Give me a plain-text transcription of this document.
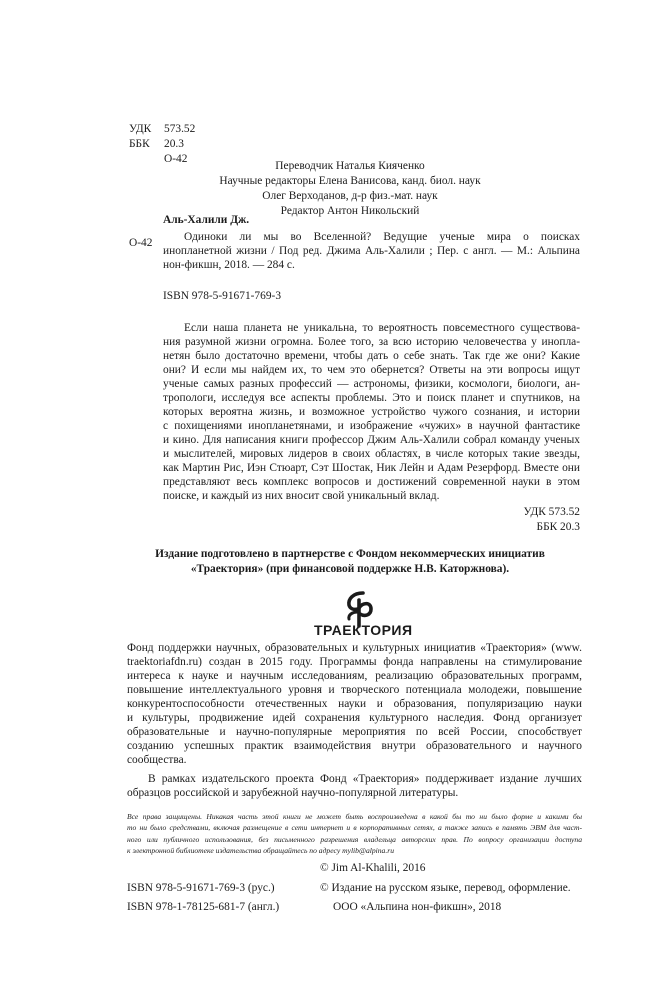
УДК 573.52
ББК 20.3
О-42
Переводчик Наталья Кияченко
Научные редакторы Елена Ванисова, канд. биол. наук
Олег Верходанов, д-р физ.-мат. наук
Редактор Антон Никольский
Аль-Халили Дж.
О-42	Одиноки ли мы во Вселенной? Ведущие ученые мира о поисках
инопланетной жизни / Под ред. Джима Аль-Халили ; Пер. с англ. — М.: Альпина
нон-фикшн, 2018. — 284 с.
ISBN 978-5-91671-769-3
Если наша планета не уникальна, то вероятность повсеместного существова-
ния разумной жизни огромна. Более того, за всю историю человечества у инопла-
нетян было достаточно времени, чтобы дать о себе знать. Так где же они? Какие
они? И если мы найдем их, то чем это обернется? Ответы на эти вопросы ищут
ученые самых разных профессий — астрономы, физики, космологи, биологи, ан-
тропологи, исследуя все аспекты проблемы. Это и поиск планет и спутников, на
которых вероятна жизнь, и возможное устройство чужого сознания, и истории
с похищениями инопланетянами, и изображение «чужих» в научной фантастике
и кино. Для написания книги профессор Джим Аль-Халили собрал команду ученых
и мыслителей, мировых лидеров в своих областях, в числе которых такие звезды,
как Мартин Рис, Иэн Стюарт, Сэт Шостак, Ник Лейн и Адам Резерфорд. Вместе они
представляют весь комплекс вопросов и достижений современной науки в этом
поиске, и каждый из них вносит свой уникальный вклад.
УДК 573.52
ББК 20.3
Издание подготовлено в партнерстве с Фондом некоммерческих инициатив
«Траектория» (при финансовой поддержке Н.В. Каторжнова).
ТРАЕКТОРИЯ
Фонд поддержки научных, образовательных и культурных инициатив «Траектория» (www.
traektoriafdn.ru) создан в 2015 году. Программы фонда направлены на стимулирование
интереса к науке и научным исследованиям, реализацию образовательных программ,
повышение интеллектуального уровня и творческого потенциала молодежи, повышение
конкурентоспособности отечественных науки и образования, популяризацию науки
и культуры, продвижение идей сохранения культурного наследия. Фонд организует
образовательные и научно-популярные мероприятия по всей России, способствует
созданию успешных практик взаимодействия внутри образовательного и научного
сообщества.
В рамках издательского проекта Фонд «Траектория» поддерживает издание лучших
образцов российской и зарубежной научно-популярной литературы.
Все права защищены. Никакая часть этой книги не может быть воспроизведена в какой бы то ни было форме и какими бы
то ни было средствами, включая размещение в сети интернет и в корпоративных сетях, а также запись в память ЭВМ для част-
ного или публичного использования, без письменного разрешения владельца авторских прав. По вопросу организации доступа
к электронной библиотеке издательства обращайтесь по адресу mylib@alpina.ru
© Jim Al-Khalili, 2016
ISBN 978-5-91671-769-3 (рус.)	© Издание на русском языке, перевод, оформление.
ISBN 978-1-78125-681-7 (англ.)	ООО «Альпина нон-фикшн», 2018
